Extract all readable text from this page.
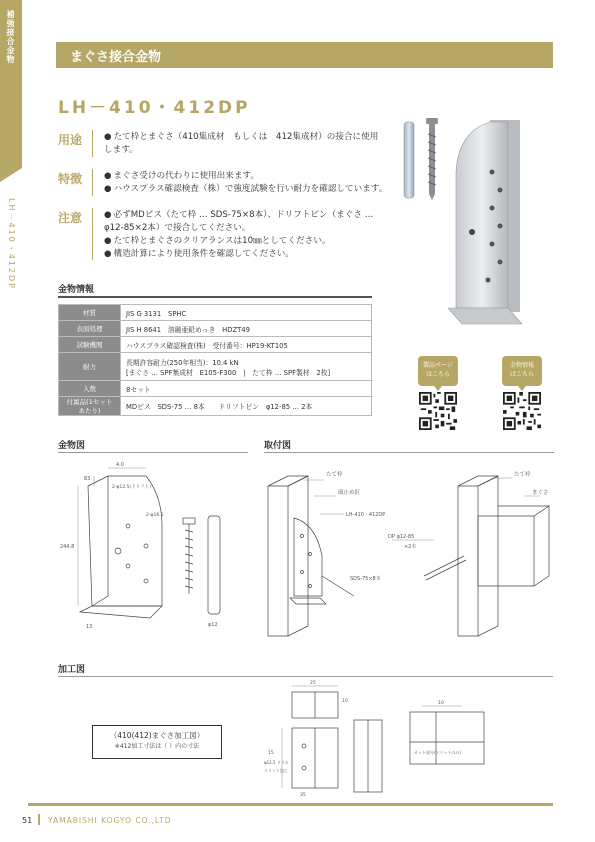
補強接合金物
LH－410・412DP
まぐさ接合金物
LH－410・412DP
用途	● たて枠とまぐさ（410集成材　もしくは　412集成材）の接合に使用します。
特徴	● まぐさ受けの代わりに使用出来ます。
● ハウスプラス確認検査（株）で強度試験を行い耐力を確認しています。
注意	● 必ずMDビス（たて枠 … SDS-75×8本）、ドリフトピン（まぐさ … φ12-85×2本）で接合してください。
● たて枠とまぐさのクリアランスは10㎜としてください。
● 構造計算により使用条件を確認してください。
金物情報
材質	JIS G 3131　SPHC
表面処理	JIS H 8641　溶融亜鉛めっき　HDZT49
試験機関	ハウスプラス確認検査(株)　受付番号：HP19-KT105
耐力	長期許容耐力(250年相当)：10.4 kN
[まぐさ … SPF集成材　E105-F300　|　たて枠 … SPF製材　2枚]

入数	8セット
付属品(1セットあたり)	MDビス　SDS-75 … 8本　　ドリフトピン　φ12-85 … 2本
製品ページ
はこちら
金物情報
はこちら
金物図
4.0
83
2-φ12.5(ドリフト)
2-φ16.5
244.8
13	φ12
取付図
たて枠
頭止め釘
LH-410・412DP
SDS-75×8本
DP φ12-85
×2本
たて枠
まぐさ
加工図
（410(412)まぐさ加工図）
※412加工寸法は（ ）内の寸法
25
10
15
φ12.5 ドリル
スリット加工
35
10
カット部分(スリットのみ)
51 YAMABISHI KOGYO CO.,LTD
